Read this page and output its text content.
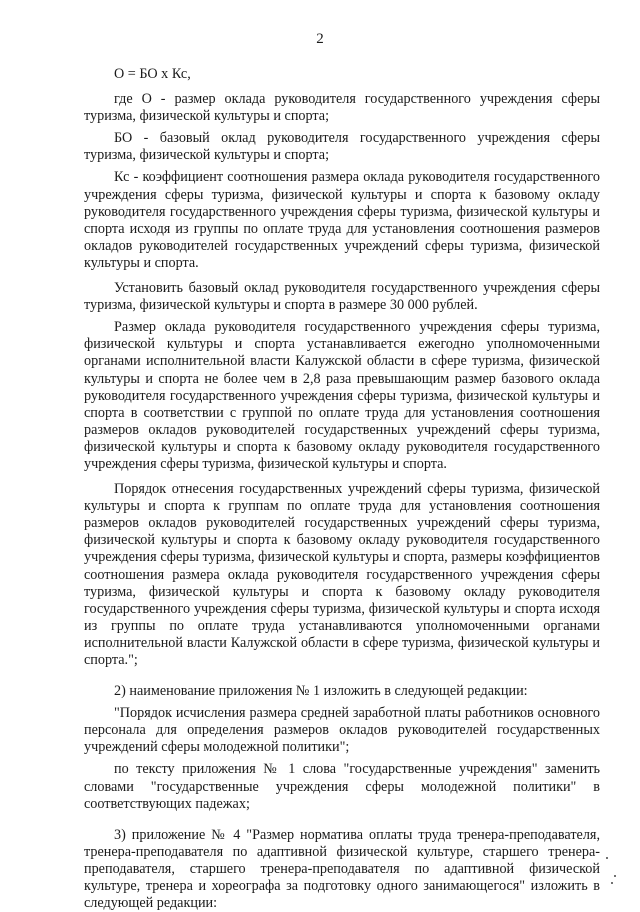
2

О = БО х Кс,

где О - размер оклада руководителя государственного учреждения сферы туризма, физической культуры и спорта;

БО - базовый оклад руководителя государственного учреждения сферы туризма, физической культуры и спорта;

Кс - коэффициент соотношения размера оклада руководителя государственного учреждения сферы туризма, физической культуры и спорта к базовому окладу руководителя государственного учреждения сферы туризма, физической культуры и спорта исходя из группы по оплате труда для установления соотношения размеров окладов руководителей государственных учреждений сферы туризма, физической культуры и спорта.

Установить базовый оклад руководителя государственного учреждения сферы туризма, физической культуры и спорта в размере 30 000 рублей.

Размер оклада руководителя государственного учреждения сферы туризма, физической культуры и спорта устанавливается ежегодно уполномоченными органами исполнительной власти Калужской области в сфере туризма, физической культуры и спорта не более чем в 2,8 раза превышающим размер базового оклада руководителя государственного учреждения сферы туризма, физической культуры и спорта в соответствии с группой по оплате труда для установления соотношения размеров окладов руководителей государственных учреждений сферы туризма, физической культуры и спорта к базовому окладу руководителя государственного учреждения сферы туризма, физической культуры и спорта.

Порядок отнесения государственных учреждений сферы туризма, физической культуры и спорта к группам по оплате труда для установления соотношения размеров окладов руководителей государственных учреждений сферы туризма, физической культуры и спорта к базовому окладу руководителя государственного учреждения сферы туризма, физической культуры и спорта, размеры коэффициентов соотношения размера оклада руководителя государственного учреждения сферы туризма, физической культуры и спорта к базовому окладу руководителя государственного учреждения сферы туризма, физической культуры и спорта исходя из группы по оплате труда устанавливаются уполномоченными органами исполнительной власти Калужской области в сфере туризма, физической культуры и спорта.";

2) наименование приложения № 1 изложить в следующей редакции:

"Порядок исчисления размера средней заработной платы работников основного персонала для определения размеров окладов руководителей государственных учреждений сферы молодежной политики";

по тексту приложения № 1 слова "государственные учреждения" заменить словами "государственные учреждения сферы молодежной политики" в соответствующих падежах;

3) приложение № 4 "Размер норматива оплаты труда тренера-преподавателя, тренера-преподавателя по адаптивной физической культуре, старшего тренера-преподавателя, старшего тренера-преподавателя по адаптивной физической культуре, тренера и хореографа за подготовку одного занимающегося" изложить в следующей редакции:
